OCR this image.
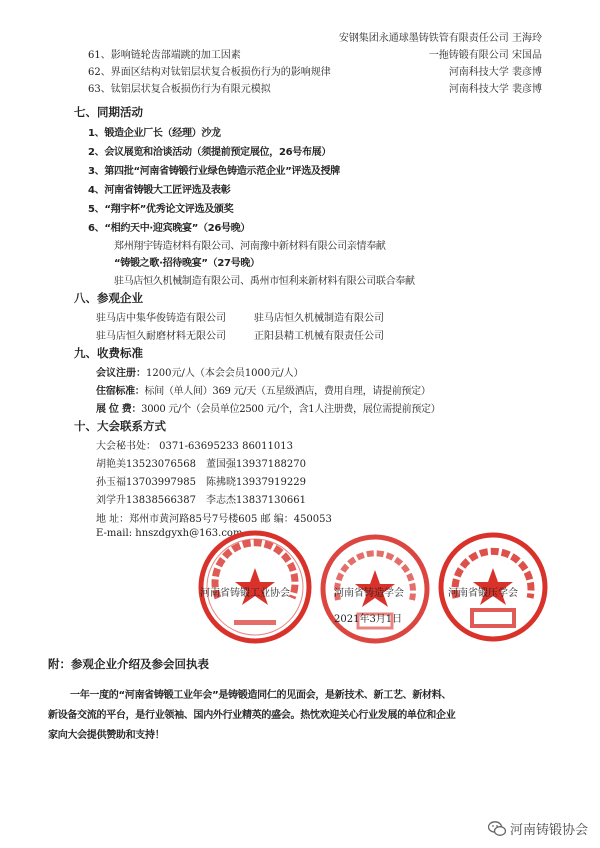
安钢集团永通球墨铸铁管有限责任公司 王海玲
61、影响链轮齿部端跳的加工因素	一拖铸锻有限公司 宋国品
62、界面区结构对钛铝层状复合板损伤行为的影响规律	河南科技大学 裴彦博
63、钛铝层状复合板损伤行为有限元模拟	河南科技大学 裴彦博
七、同期活动
1、锻造企业厂长（经理）沙龙
2、会议展览和洽谈活动（须提前预定展位，26号布展）
3、第四批“河南省铸锻行业绿色铸造示范企业”评选及授牌
4、河南省铸锻大工匠评选及表彰
5、“翔宇杯”优秀论文评选及颁奖
6、“相约天中·迎宾晚宴”（26号晚）
郑州翔宇铸造材料有限公司、河南豫中新材料有限公司亲情奉献
“铸锻之歌·招待晚宴”（27号晚）
驻马店恒久机械制造有限公司、禹州市恒利来新材料有限公司联合奉献
八、参观企业
驻马店中集华俊铸造有限公司	驻马店恒久机械制造有限公司
驻马店恒久耐磨材料无限公司	正阳县精工机械有限责任公司
九、收费标准
会议注册：1200元/人（本会会员1000元/人）
住宿标准：标间（单人间）369 元/天（五星级酒店，费用自理，请提前预定）
展 位 费：3000 元/个（会员单位2500 元/个，含1人注册费，展位需提前预定）
十、大会联系方式
大会秘书处： 0371-63695233 86011013
胡艳美13523076568 董国强13937188270
孙玉福13703997985 陈拂晓13937919229
刘学升13838566387 李志杰13837130661
地 址：郑州市黄河路85号7号楼605 邮 编：450053
E-mail: hnszdgyxh@163.com
河南省铸锻工业协会	河南省铸造学会	河南省锻压学会
2021年3月1日
附：参观企业介绍及参会回执表
一年一度的“河南省铸锻工业年会”是铸锻造同仁的见面会，是新技术、新工艺、新材料、
新设备交流的平台，是行业领袖、国内外行业精英的盛会。热忱欢迎关心行业发展的单位和企业
家向大会提供赞助和支持！
河南铸锻协会
